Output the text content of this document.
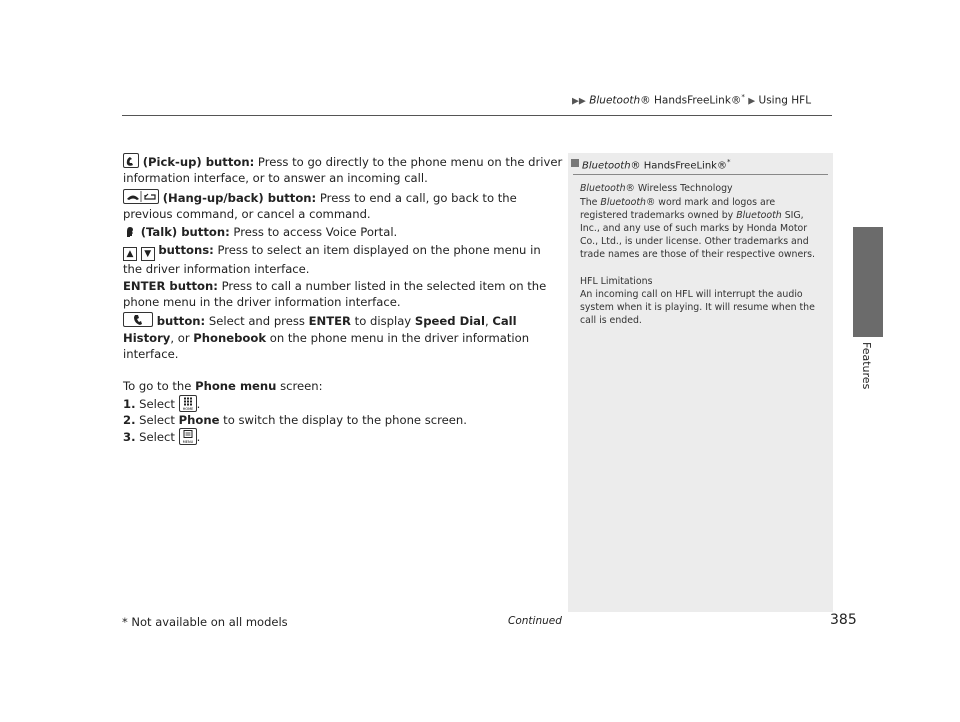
▶▶ Bluetooth® HandsFreeLink®* ▶ Using HFL
Features

(Pick-up) button: Press to go directly to the phone menu on the driver information interface, or to answer an incoming call.

(Hang-up/back) button: Press to end a call, go back to the previous command, or cancel a command.

(Talk) button: Press to access Voice Portal.

▲ ▼ buttons: Press to select an item displayed on the phone menu in the driver information interface.

ENTER button: Press to call a number listed in the selected item on the phone menu in the driver information interface.

button: Select and press ENTER to display Speed Dial, Call History, or Phonebook on the phone menu in the driver information interface.

To go to the Phone menu screen:

1. Select HOME .

2. Select Phone to switch the display to the phone screen.

3. Select MENU .

Bluetooth® HandsFreeLink®*

Bluetooth® Wireless Technology

The Bluetooth® word mark and logos are registered trademarks owned by Bluetooth SIG, Inc., and any use of such marks by Honda Motor Co., Ltd., is under license. Other trademarks and trade names are those of their respective owners.

HFL Limitations

An incoming call on HFL will interrupt the audio system when it is playing. It will resume when the call is ended.

Continued	385
* Not available on all models
